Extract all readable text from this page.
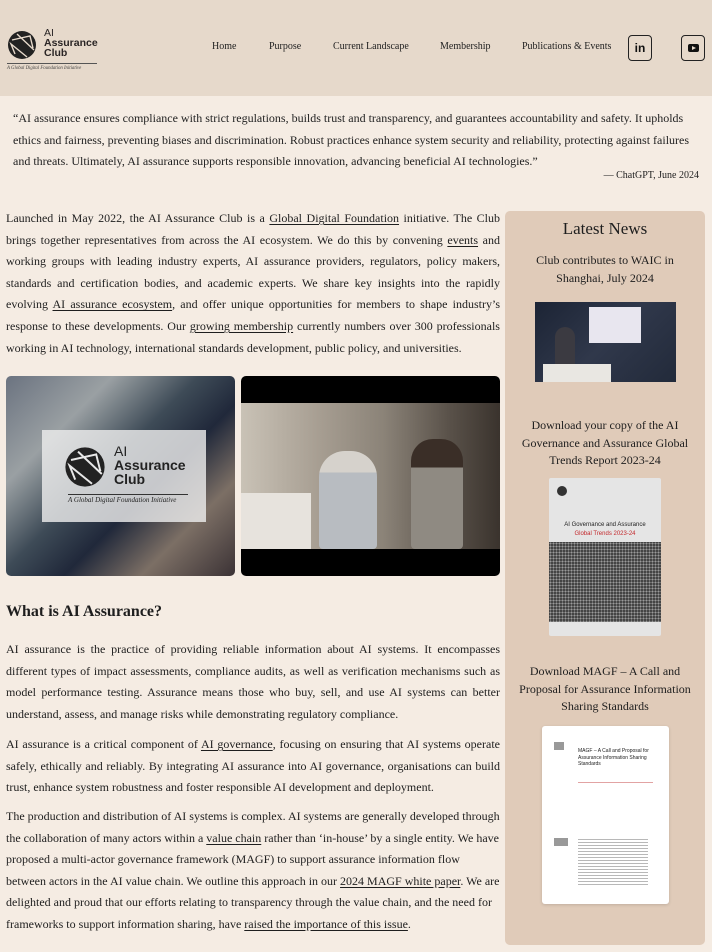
AI
Assurance
Club
A Global Digital Foundation Initiative
Home	Purpose	Current Landscape	Membership	Publications & Events in
“AI assurance ensures compliance with strict regulations, builds trust and transparency, and guarantees accountability and safety. It upholds ethics and fairness, preventing biases and discrimination. Robust practices enhance system security and reliability, protecting against failures and threats. Ultimately, AI assurance supports responsible innovation, advancing beneficial AI technologies.”
— ChatGPT, June 2024

Launched in May 2022, the AI Assurance Club is a Global Digital Foundation initiative. The Club brings together representatives from across the AI ecosystem. We do this by convening events and working groups with leading industry experts, AI assurance providers, regulators, policy makers, standards and certification bodies, and academic experts. We share key insights into the rapidly evolving AI assurance ecosystem, and offer unique opportunities for members to shape industry’s response to these developments. Our growing membership currently numbers over 300 professionals working in AI technology, international standards development, public policy, and universities.

AI
Assurance
Club
A Global Digital Foundation Initiative
What is AI Assurance?

AI assurance is the practice of providing reliable information about AI systems. It encompasses different types of impact assessments, compliance audits, as well as verification mechanisms such as model performance testing. Assurance means those who buy, sell, and use AI systems can better understand, assess, and manage risks while demonstrating regulatory compliance.

AI assurance is a critical component of AI governance, focusing on ensuring that AI systems operate safely, ethically and reliably. By integrating AI assurance into AI governance, organisations can build trust, enhance system robustness and foster responsible AI development and deployment.

The production and distribution of AI systems is complex. AI systems are generally developed through the collaboration of many actors within a value chain rather than ‘in-house’ by a single entity. We have proposed a multi-actor governance framework (MAGF) to support assurance information flow between actors in the AI value chain. We outline this approach in our 2024 MAGF white paper. We are delighted and proud that our efforts relating to transparency through the value chain, and the need for frameworks to support information sharing, have raised the importance of this issue.

Latest News
Club contributes to WAIC in Shanghai, July 2024
Download your copy of the AI Governance and Assurance Global Trends Report 2023-24
AI Governance and Assurance
Global Trends 2023-24
Download MAGF – A Call and Proposal for Assurance Information Sharing Standards
MAGF – A Call and Proposal for Assurance Information Sharing Standards
